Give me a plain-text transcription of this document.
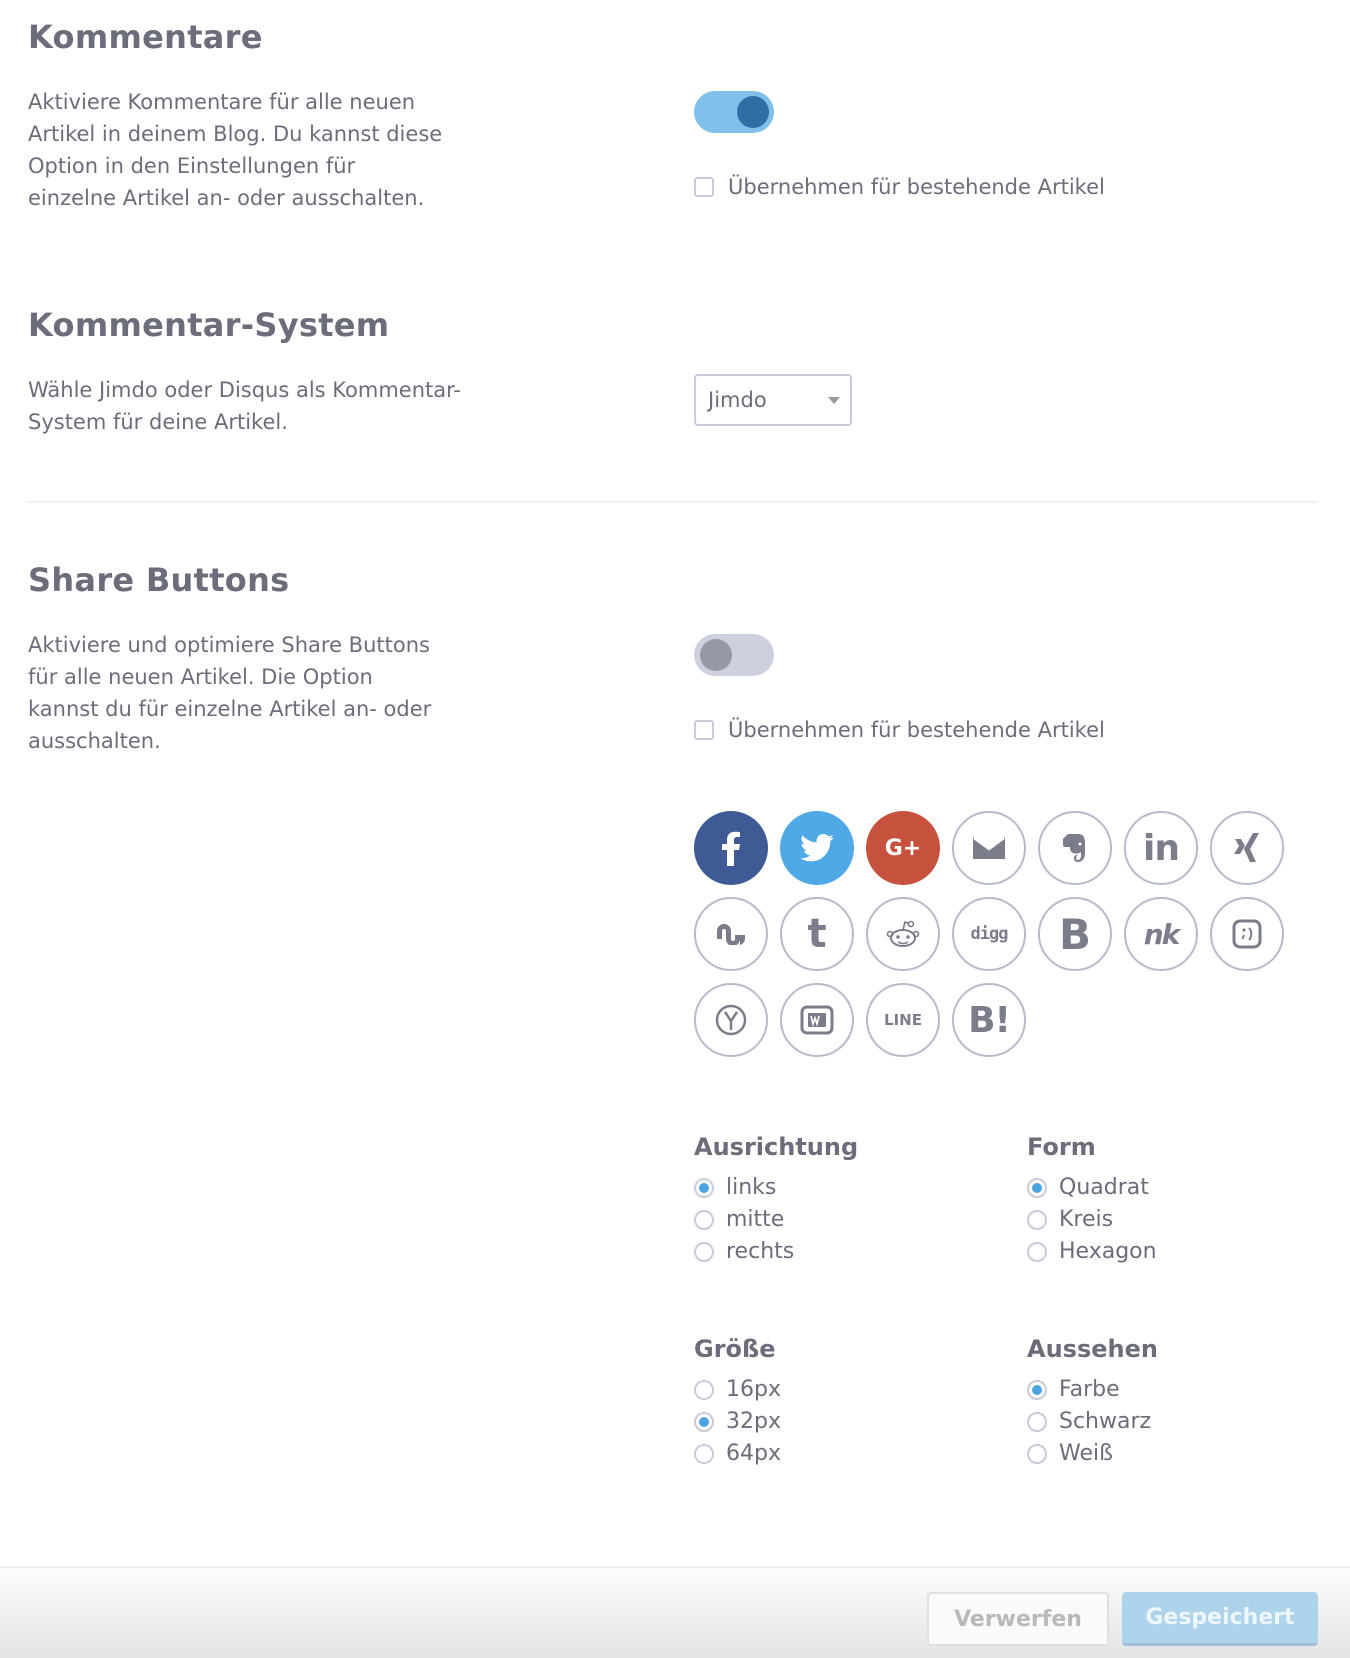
Kommentare
Aktiviere Kommentare für alle neuen Artikel in deinem Blog. Du kannst diese Option in den Einstellungen für einzelne Artikel an- oder ausschalten.	Übernehmen für bestehende Artikel
Kommentar-System
Wähle Jimdo oder Disqus als Kommentar-System für deine Artikel.
Jimdo
Share Buttons
Aktiviere und optimiere Share Buttons für alle neuen Artikel. Die Option kannst du für einzelne Artikel an- oder ausschalten.	Übernehmen für bestehende Artikel
G+	in
t	digg B nk
LINE B!
Ausrichtung
links
mitte
rechts
Form
Quadrat
Kreis
Hexagon
Größe
16px
32px
64px
Aussehen
Farbe
Schwarz
Weiß
Verwerfen	Gespeichert
